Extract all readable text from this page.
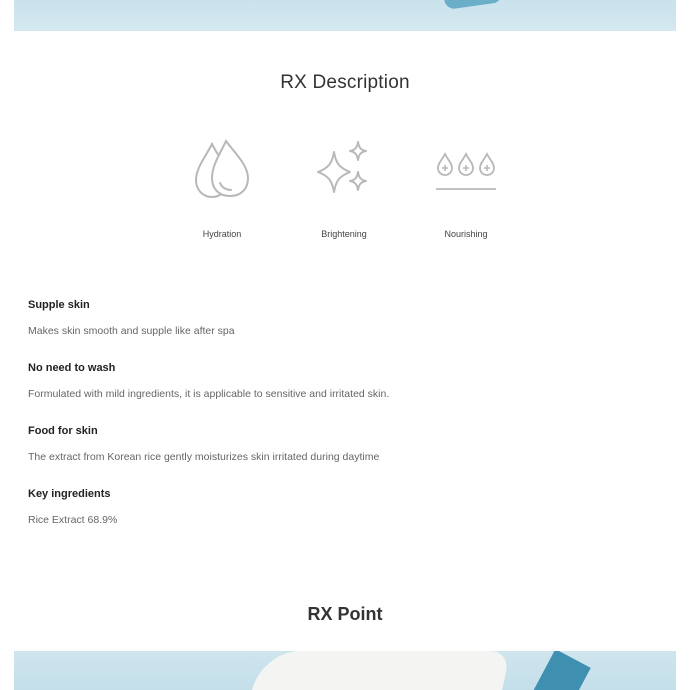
RX Description
Hydration	Brightening	Nourishing
Supple skin
Makes skin smooth and supple like after spa
No need to wash
Formulated with mild ingredients, it is applicable to sensitive and irritated skin.
Food for skin
The extract from Korean rice gently moisturizes skin irritated during daytime
Key ingredients
Rice Extract 68.9%
RX Point
